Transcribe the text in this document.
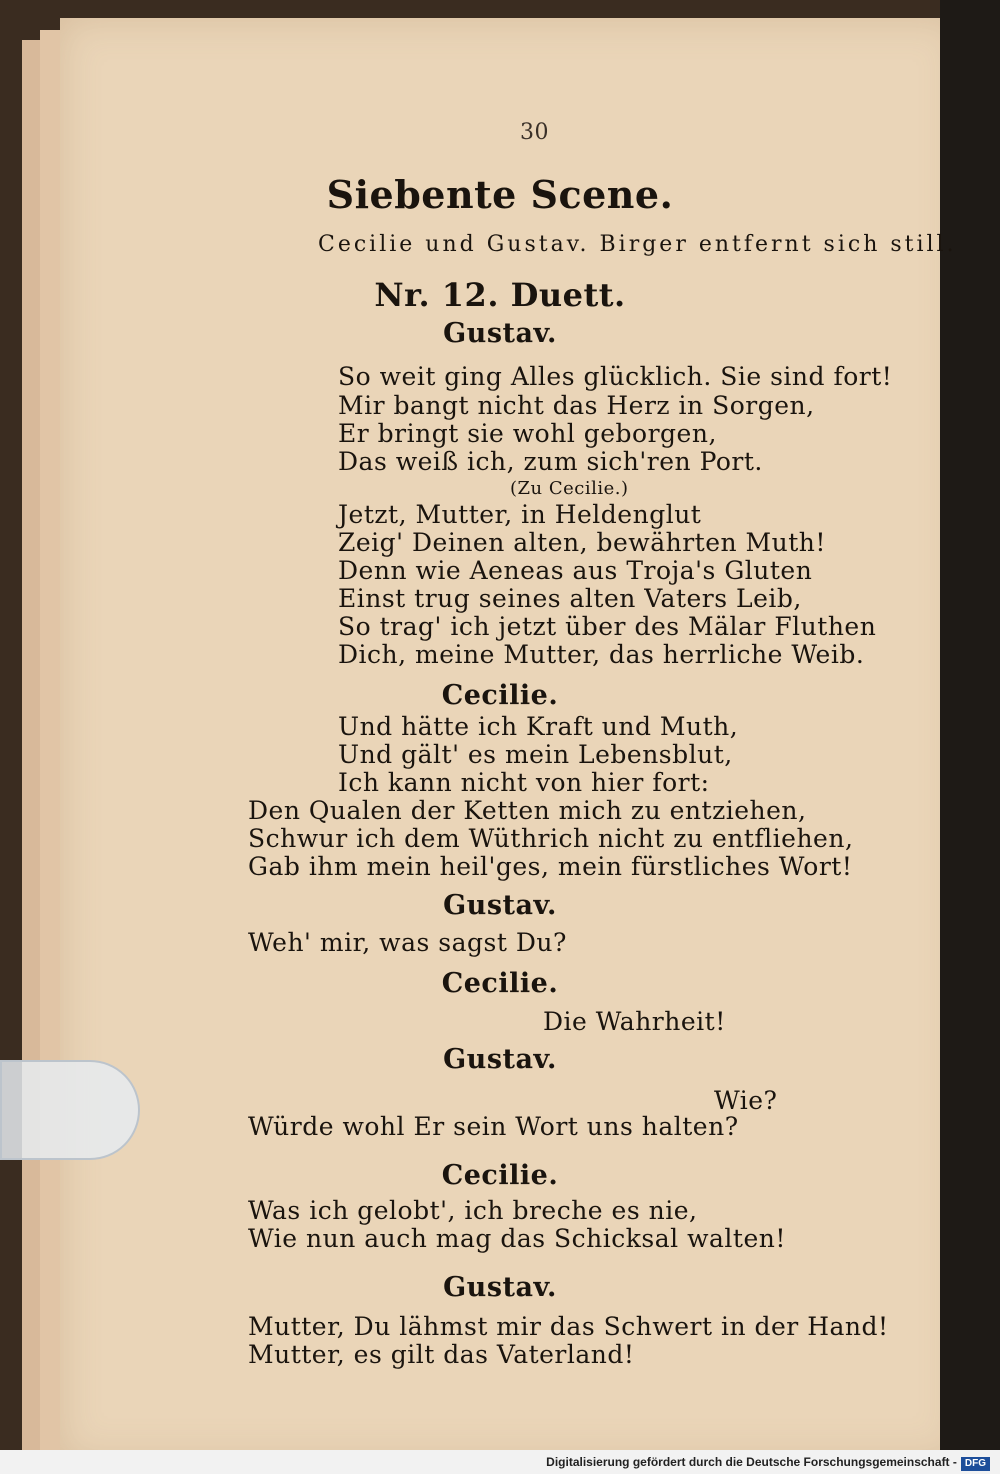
30
Siebente Scene.
Cecilie und Gustav. Birger entfernt sich still.
Nr. 12. Duett.
Gustav.
So weit ging Alles glücklich. Sie sind fort!
Mir bangt nicht das Herz in Sorgen,
Er bringt sie wohl geborgen,
Das weiß ich, zum sich'ren Port.
(Zu Cecilie.)
Jetzt, Mutter, in Heldenglut
Zeig' Deinen alten, bewährten Muth!
Denn wie Aeneas aus Troja's Gluten
Einst trug seines alten Vaters Leib,
So trag' ich jetzt über des Mälar Fluthen
Dich, meine Mutter, das herrliche Weib.
Cecilie.
Und hätte ich Kraft und Muth,
Und gält' es mein Lebensblut,
Ich kann nicht von hier fort:
Den Qualen der Ketten mich zu entziehen,
Schwur ich dem Wüthrich nicht zu entfliehen,
Gab ihm mein heil'ges, mein fürstliches Wort!
Gustav.
Weh' mir, was sagst Du?
Cecilie.
Die Wahrheit!
Gustav.
Wie?
Würde wohl Er sein Wort uns halten?
Cecilie.
Was ich gelobt', ich breche es nie,
Wie nun auch mag das Schicksal walten!
Gustav.
Mutter, Du lähmst mir das Schwert in der Hand!
Mutter, es gilt das Vaterland!
Digitalisierung gefördert durch die Deutsche Forschungsgemeinschaft - DFG
